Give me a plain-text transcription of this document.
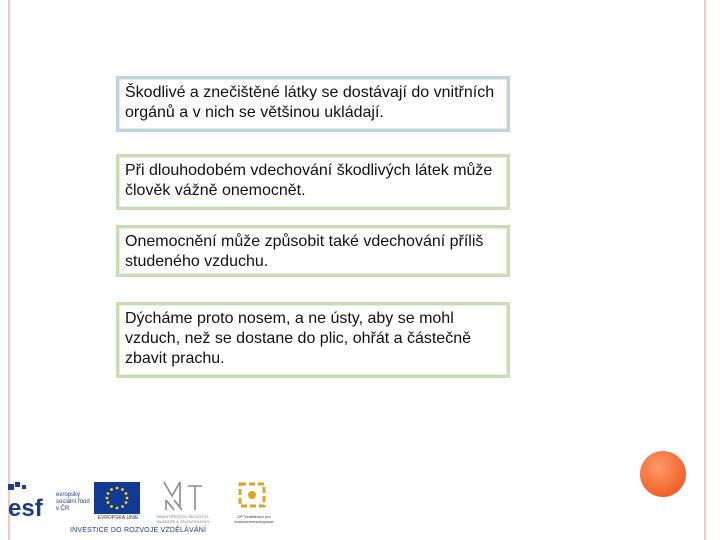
Škodlivé a znečištěné látky se dostávají do vnitřních orgánů a v nich se většinou ukládají.
Při dlouhodobém vdechování škodlivých látek může člověk vážně onemocnět.
Onemocnění může způsobit také vdechování příliš studeného vzduchu.
Dýcháme proto nosem, a ne ústy, aby se mohl vzduch, než se dostane do plic, ohřát a částečně zbavit prachu.
esf evropský sociální fond v ČR
EVROPSKÁ UNIE	MINISTERSTVO ŠKOLSTVÍ, MLÁDEŽE A TĚLOVÝCHOVY
OP Vzdělávání pro konkurenceschopnost
INVESTICE DO ROZVOJE VZDĚLÁVÁNÍ
